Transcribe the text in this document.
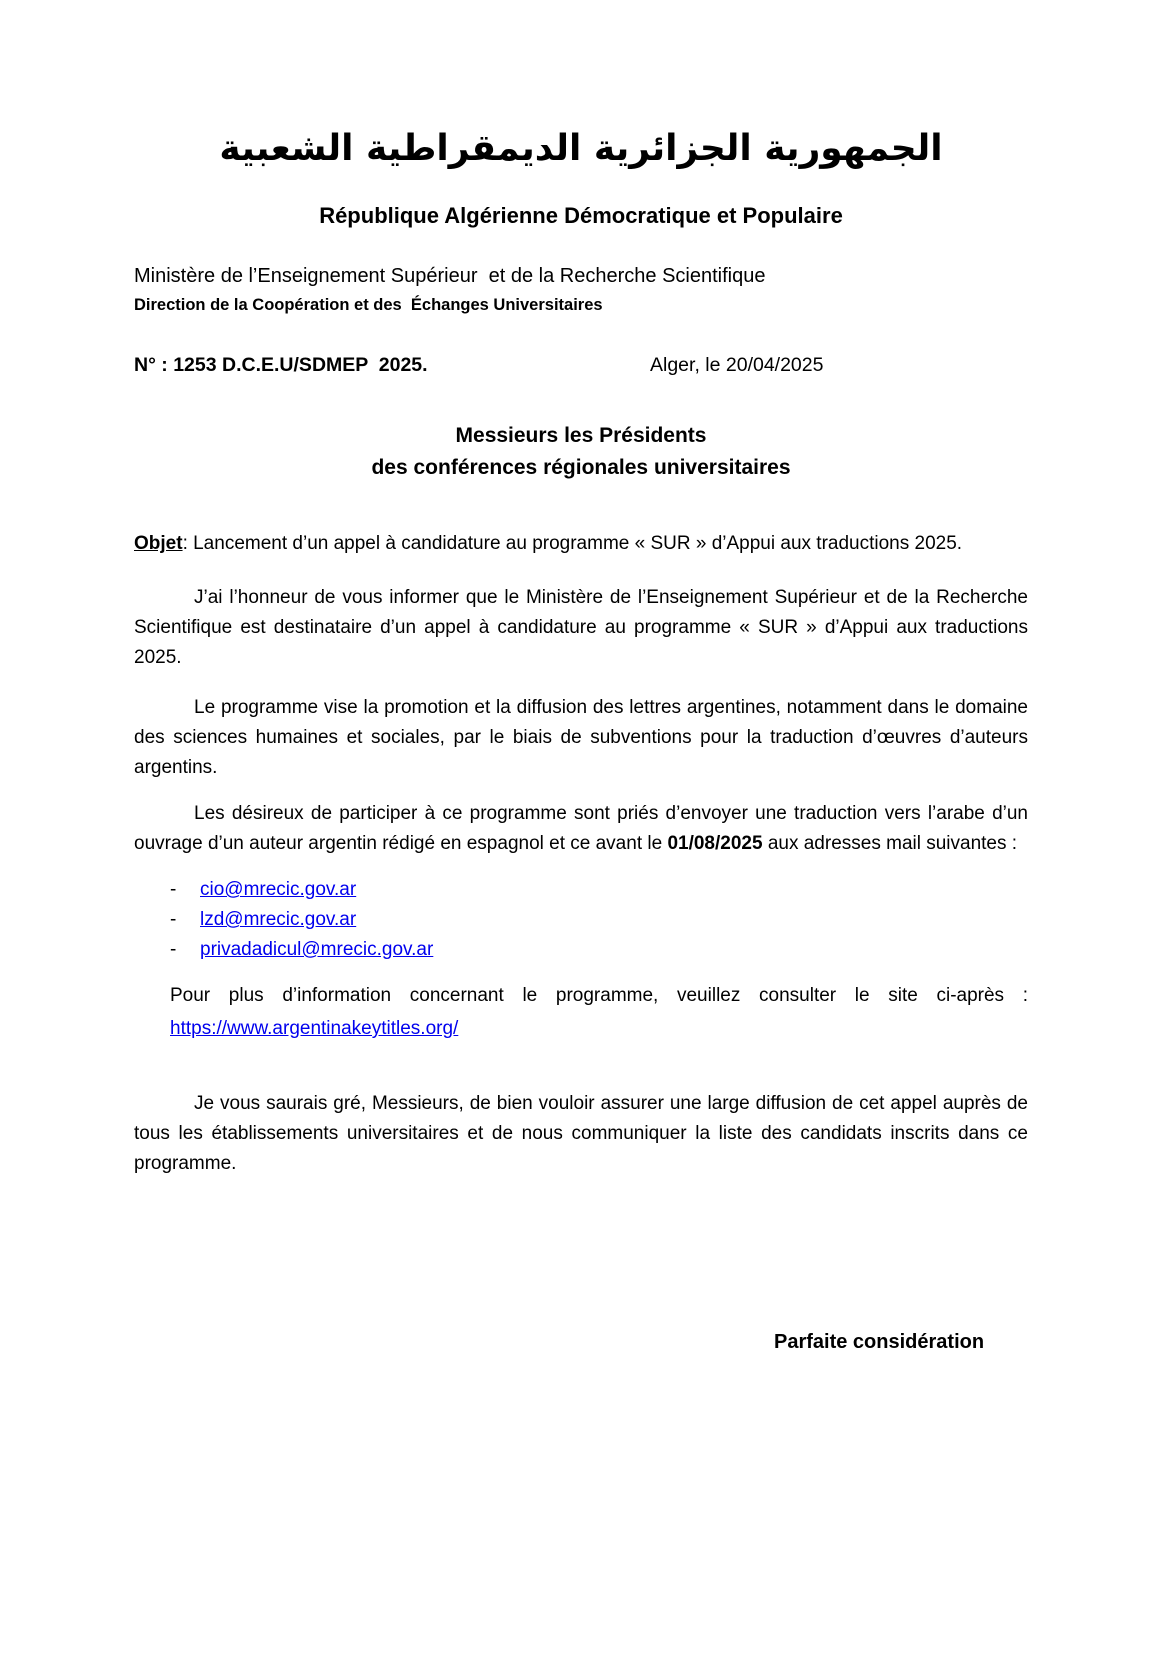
الجمهورية الجزائرية الديمقراطية الشعبية
République Algérienne Démocratique et Populaire
Ministère de l’Enseignement Supérieur  et de la Recherche Scientifique
Direction de la Coopération et des  Échanges Universitaires
N° : 1253 D.C.E.U/SDMEP  2025.	Alger, le 20/04/2025
Messieurs les Présidents
des conférences régionales universitaires

Objet: Lancement d’un appel à candidature au programme « SUR » d’Appui aux traductions 2025.

J’ai l’honneur de vous informer que le Ministère de l’Enseignement Supérieur et de la Recherche Scientifique est destinataire d’un appel à candidature au programme « SUR » d’Appui aux traductions 2025.

Le programme vise la promotion et la diffusion des lettres argentines, notamment dans le domaine des sciences humaines et sociales, par le biais de subventions pour la traduction d’œuvres d’auteurs argentins.

Les désireux de participer à ce programme sont priés d’envoyer une traduction vers l’arabe d’un ouvrage d’un auteur argentin rédigé en espagnol et ce avant le 01/08/2025 aux adresses mail suivantes :

-	cio@mrecic.gov.ar
-	lzd@mrecic.gov.ar
-	privadadicul@mrecic.gov.ar
Pour plus d’information concernant le programme, veuillez consulter le site ci-après :
https://www.argentinakeytitles.org/

Je vous saurais gré, Messieurs, de bien vouloir assurer une large diffusion de cet appel auprès de tous les établissements universitaires et de nous communiquer la liste des candidats inscrits dans ce programme.

Parfaite considération
